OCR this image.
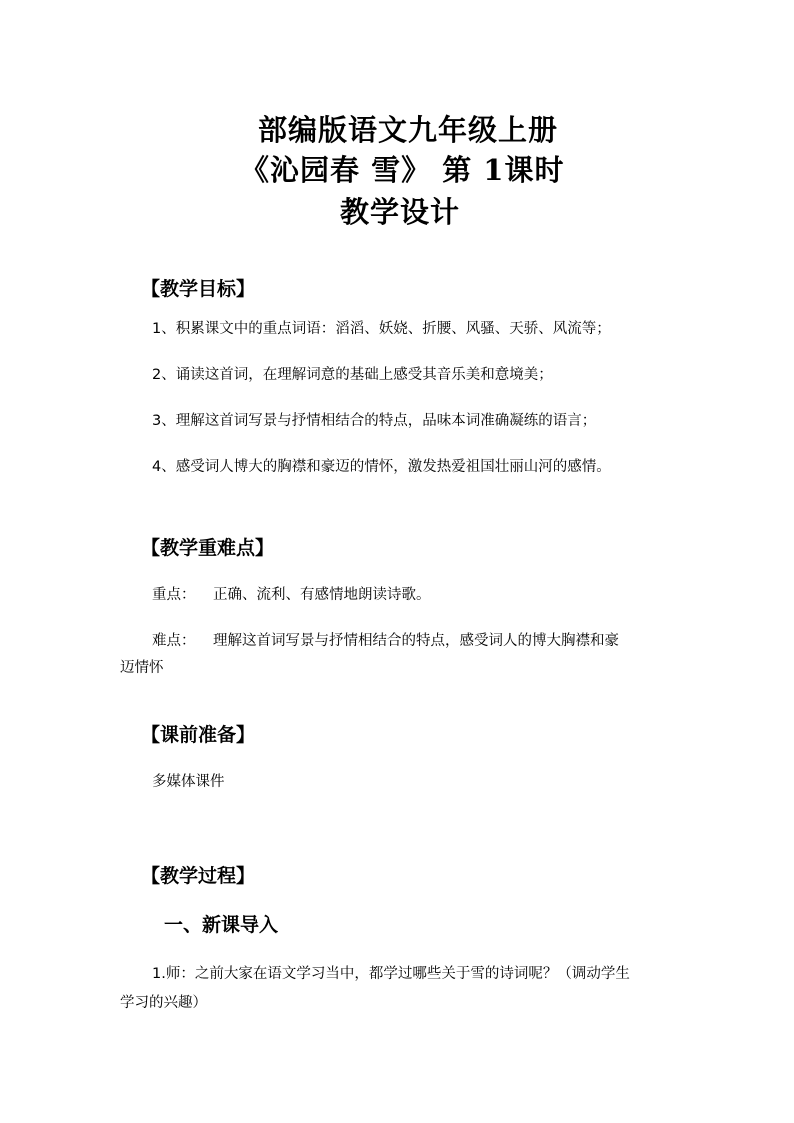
部编版语文九年级上册
《沁园春 雪》 第 1课时
教学设计
【教学目标】
1、积累课文中的重点词语：滔滔、妖娆、折腰、风骚、天骄、风流等；
2、诵读这首词，在理解词意的基础上感受其音乐美和意境美；
3、理解这首词写景与抒情相结合的特点，品味本词准确凝练的语言；
4、感受词人博大的胸襟和豪迈的情怀，激发热爱祖国壮丽山河的感情。
【教学重难点】
重点： 正确、流利、有感情地朗读诗歌。
难点： 理解这首词写景与抒情相结合的特点，感受词人的博大胸襟和豪
迈情怀
【课前准备】
多媒体课件
【教学过程】
一、新课导入
1.师：之前大家在语文学习当中，都学过哪些关于雪的诗词呢？（调动学生
学习的兴趣）
